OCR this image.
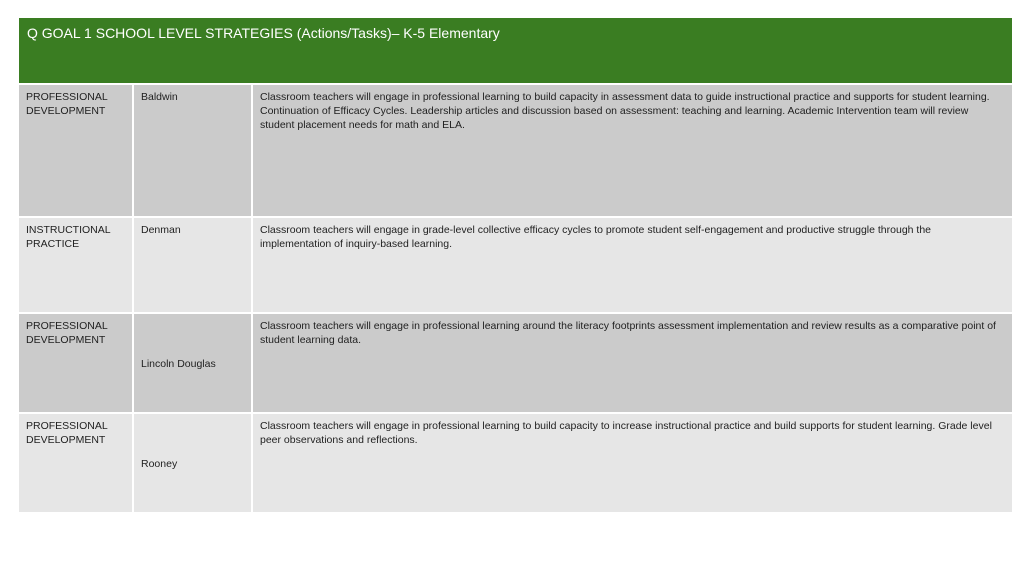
Q GOAL 1 SCHOOL LEVEL STRATEGIES (Actions/Tasks)– K-5 Elementary		
PROFESSIONAL DEVELOPMENT	Baldwin	Classroom teachers will engage in professional learning to build capacity in assessment data to guide instructional practice and supports for student learning. Continuation of Efficacy Cycles. Leadership articles and discussion based on assessment: teaching and learning. Academic Intervention team will review student placement needs for math and ELA.
INSTRUCTIONAL PRACTICE	Denman	Classroom teachers will engage in grade-level collective efficacy cycles to promote student self-engagement and productive struggle through the implementation of inquiry-based learning.
PROFESSIONAL DEVELOPMENT	Lincoln Douglas	Classroom teachers will engage in professional learning around the literacy footprints assessment implementation and review results as a comparative point of student learning data.
PROFESSIONAL DEVELOPMENT	Rooney	Classroom teachers will engage in professional learning to build capacity to increase instructional practice and build supports for student learning. Grade level peer observations and reflections.
